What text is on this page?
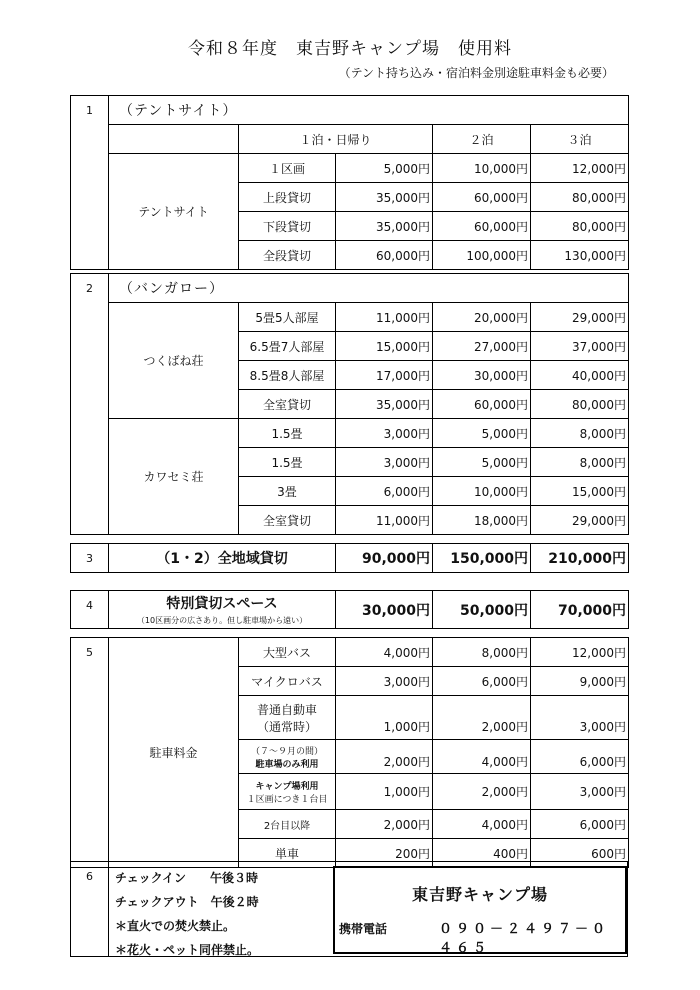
令和８年度　東吉野キャンプ場　使用料
（テント持ち込み・宿泊料金別途駐車料金も必要）
1	（テントサイト）				
		１泊・日帰り		２泊	３泊
	テントサイト	１区画	5,000円	10,000円	12,000円
		上段貸切	35,000円	60,000円	80,000円
		下段貸切	35,000円	60,000円	80,000円
		全段貸切	60,000円	100,000円	130,000円
2	（バンガロー）				
	つくばね荘	5畳5人部屋	11,000円	20,000円	29,000円
		6.5畳7人部屋	15,000円	27,000円	37,000円
		8.5畳8人部屋	17,000円	30,000円	40,000円
		全室貸切	35,000円	60,000円	80,000円
	カワセミ荘	1.5畳	3,000円	5,000円	8,000円
		1.5畳	3,000円	5,000円	8,000円
		3畳	6,000円	10,000円	15,000円
		全室貸切	11,000円	18,000円	29,000円
3	（1・2）全地域貸切	90,000円	150,000円	210,000円
4	特別貸切スペース
（10区画分の広さあり。但し駐車場から遠い）
	30,000円	50,000円	70,000円
5	駐車料金	大型バス	4,000円	8,000円	12,000円
		マイクロバス	3,000円	6,000円	9,000円

		普通自動車
（通常時）	1,000円	2,000円	3,000円

		（７～９月の間）
駐車場のみ利用	2,000円	4,000円	6,000円

		キャンプ場利用
１区画につき１台目	1,000円	2,000円	3,000円
		2台目以降	2,000円	4,000円	6,000円
		単車	200円	400円	600円
6	チェックイン　　午後３時
チェックアウト　午後２時
＊直火での焚火禁止。
＊花火・ペット同伴禁止。
東吉野キャンプ場
携帯電話	０９０－２４９７－０４６５
